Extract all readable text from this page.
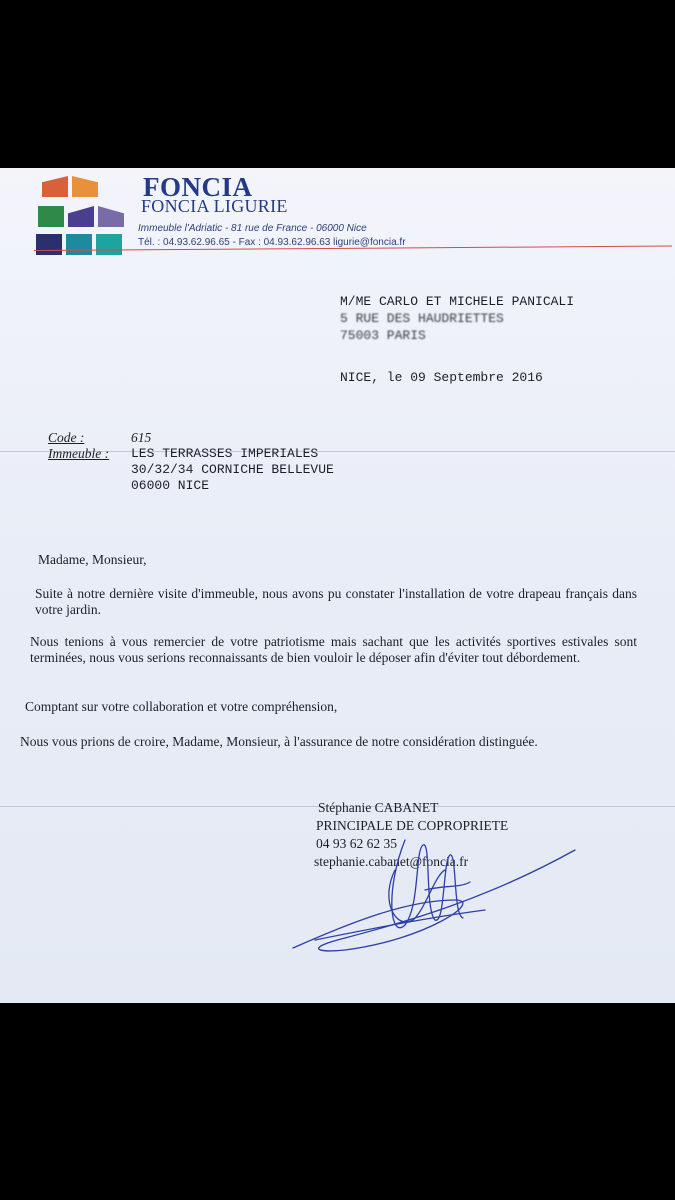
FONCIA
FONCIA LIGURIE
Immeuble l'Adriatic - 81 rue de France - 06000 Nice
Tél. : 04.93.62.96.65 - Fax : 04.93.62.96.63 ligurie@foncia.fr
M/ME CARLO ET MICHELE PANICALI
5 RUE DES HAUDRIETTES
75003 PARIS
NICE, le 09 Septembre 2016
Code :	615
Immeuble : LES TERRASSES IMPERIALES
30/32/34 CORNICHE BELLEVUE
06000 NICE
Madame, Monsieur,
Suite à notre dernière visite d'immeuble, nous avons pu constater l'installation de votre drapeau français dans votre jardin.
Nous tenions à vous remercier de votre patriotisme mais sachant que les activités sportives estivales sont terminées, nous vous serions reconnaissants de bien vouloir le déposer afin d'éviter tout débordement.
Comptant sur votre collaboration et votre compréhension,
Nous vous prions de croire, Madame, Monsieur, à l'assurance de notre considération distinguée.
Stéphanie CABANET
PRINCIPALE DE COPROPRIETE
04 93 62 62 35
stephanie.cabanet@foncia.fr
